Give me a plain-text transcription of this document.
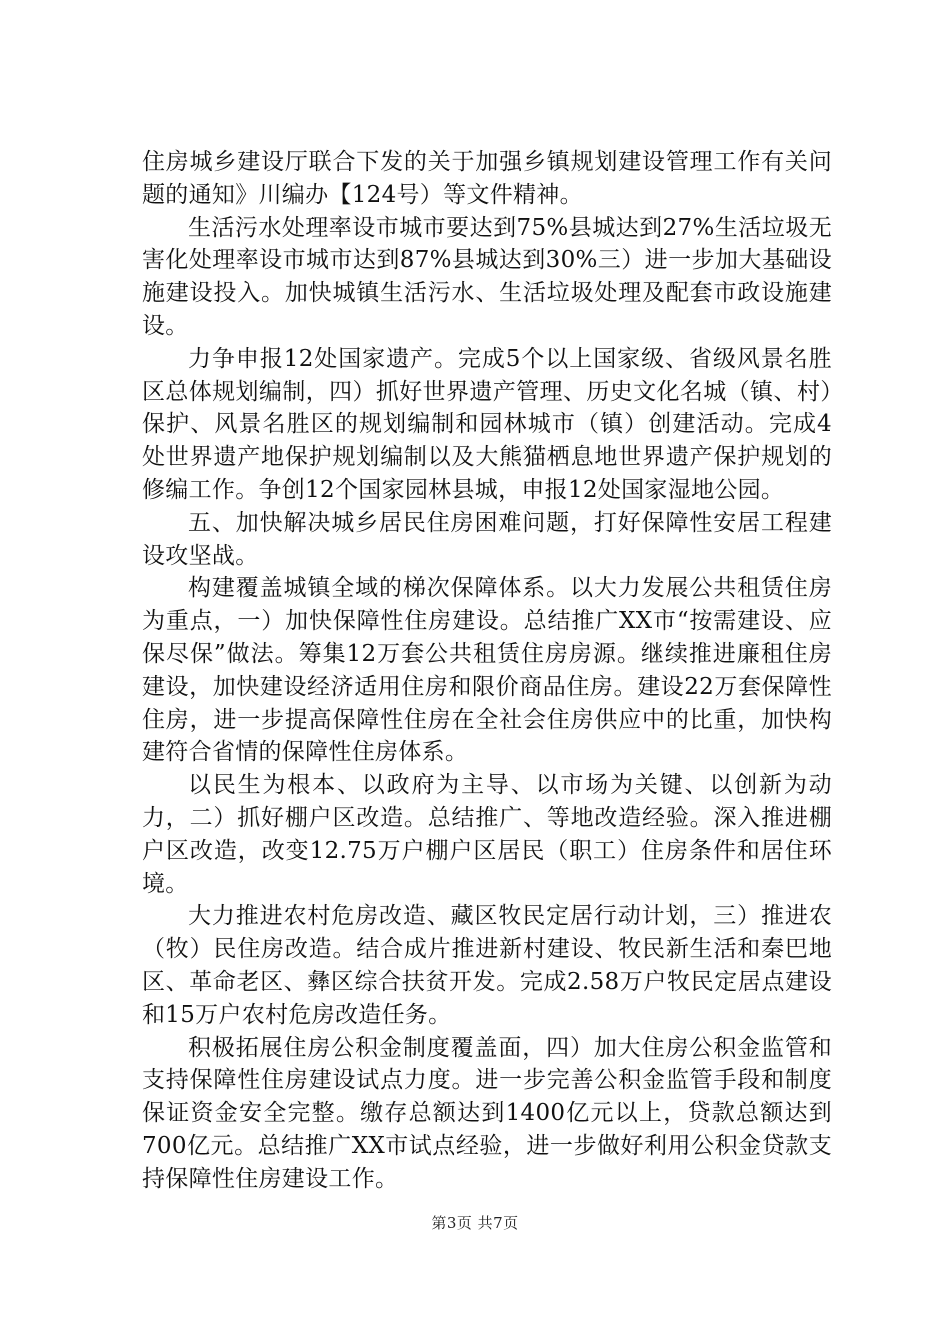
住房城乡建设厅联合下发的关于加强乡镇规划建设管理工作有关问题的通知》川编办【124号）等文件精神。

生活污水处理率设市城市要达到75%县城达到27%生活垃圾无害化处理率设市城市达到87%县城达到30%三）进一步加大基础设施建设投入。加快城镇生活污水、生活垃圾处理及配套市政设施建设。

力争申报12处国家遗产。完成5个以上国家级、省级风景名胜区总体规划编制，四）抓好世界遗产管理、历史文化名城（镇、村）保护、风景名胜区的规划编制和园林城市（镇）创建活动。完成4处世界遗产地保护规划编制以及大熊猫栖息地世界遗产保护规划的修编工作。争创12个国家园林县城，申报12处国家湿地公园。

五、加快解决城乡居民住房困难问题，打好保障性安居工程建设攻坚战。

构建覆盖城镇全域的梯次保障体系。以大力发展公共租赁住房为重点，一）加快保障性住房建设。总结推广XX市“按需建设、应保尽保”做法。筹集12万套公共租赁住房房源。继续推进廉租住房建设，加快建设经济适用住房和限价商品住房。建设22万套保障性住房，进一步提高保障性住房在全社会住房供应中的比重，加快构建符合省情的保障性住房体系。

以民生为根本、以政府为主导、以市场为关键、以创新为动力，二）抓好棚户区改造。总结推广、等地改造经验。深入推进棚户区改造，改变12.75万户棚户区居民（职工）住房条件和居住环境。

大力推进农村危房改造、藏区牧民定居行动计划，三）推进农（牧）民住房改造。结合成片推进新村建设、牧民新生活和秦巴地区、革命老区、彝区综合扶贫开发。完成2.58万户牧民定居点建设和15万户农村危房改造任务。

积极拓展住房公积金制度覆盖面，四）加大住房公积金监管和支持保障性住房建设试点力度。进一步完善公积金监管手段和制度保证资金安全完整。缴存总额达到1400亿元以上，贷款总额达到700亿元。总结推广XX市试点经验，进一步做好利用公积金贷款支持保障性住房建设工作。

第3页 共7页
